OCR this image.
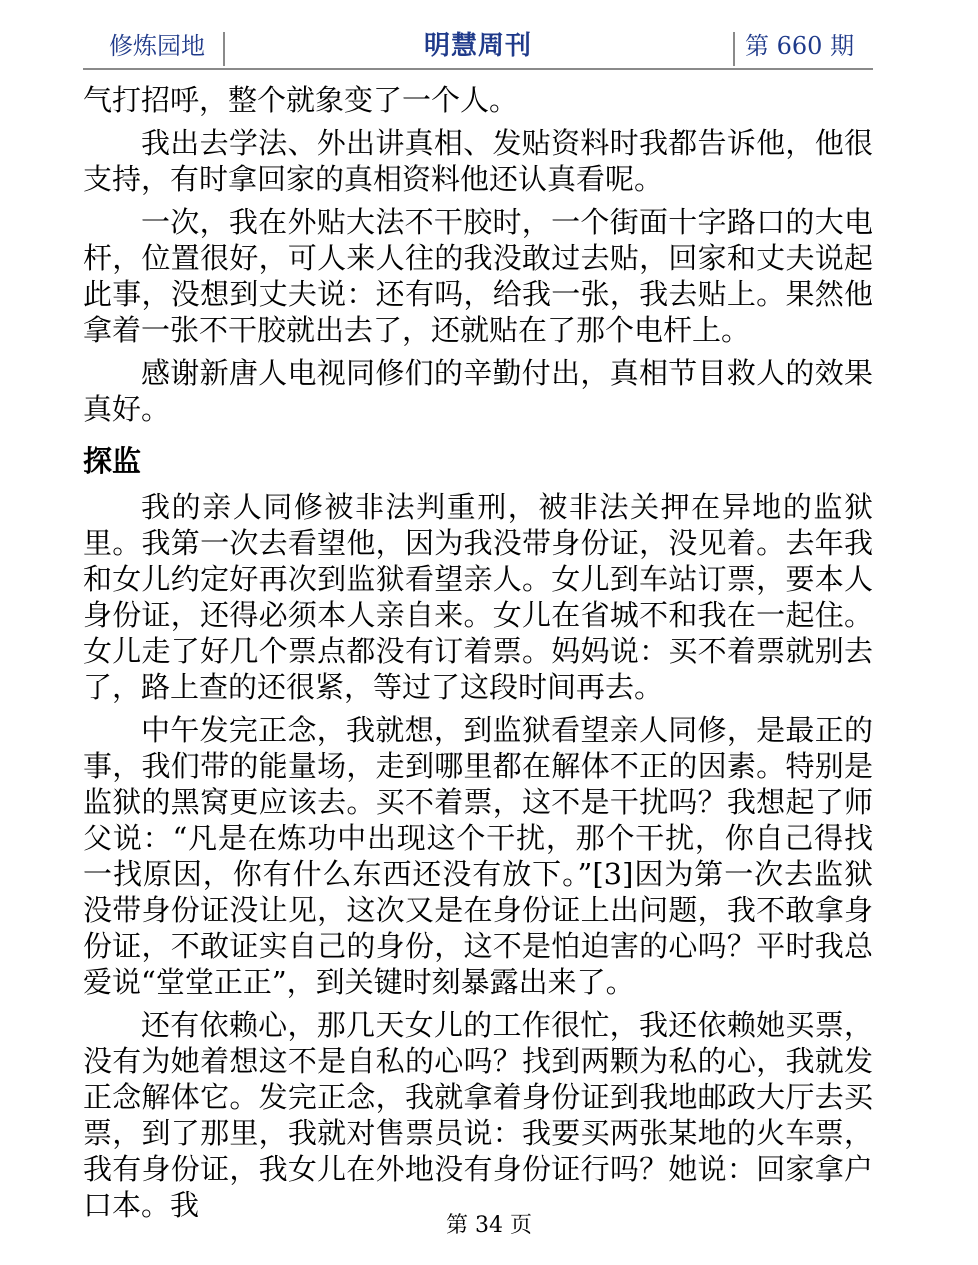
修炼园地	明慧周刊	第 660 期

气打招呼，整个就象变了一个人。

我出去学法、外出讲真相、发贴资料时我都告诉他，他很支持，有时拿回家的真相资料他还认真看呢。

一次，我在外贴大法不干胶时，一个街面十字路口的大电杆，位置很好，可人来人往的我没敢过去贴，回家和丈夫说起此事，没想到丈夫说：还有吗，给我一张，我去贴上。果然他拿着一张不干胶就出去了，还就贴在了那个电杆上。

感谢新唐人电视同修们的辛勤付出，真相节目救人的效果真好。

探监

我的亲人同修被非法判重刑，被非法关押在异地的监狱里。我第一次去看望他，因为我没带身份证，没见着。去年我和女儿约定好再次到监狱看望亲人。女儿到车站订票，要本人身份证，还得必须本人亲自来。女儿在省城不和我在一起住。女儿走了好几个票点都没有订着票。妈妈说：买不着票就别去了，路上查的还很紧，等过了这段时间再去。

中午发完正念，我就想，到监狱看望亲人同修，是最正的事，我们带的能量场，走到哪里都在解体不正的因素。特别是监狱的黑窝更应该去。买不着票，这不是干扰吗？我想起了师父说：“凡是在炼功中出现这个干扰，那个干扰，你自己得找一找原因，你有什么东西还没有放下。”[3]因为第一次去监狱没带身份证没让见，这次又是在身份证上出问题，我不敢拿身份证，不敢证实自己的身份，这不是怕迫害的心吗？平时我总爱说“堂堂正正”，到关键时刻暴露出来了。

还有依赖心，那几天女儿的工作很忙，我还依赖她买票，没有为她着想这不是自私的心吗？找到两颗为私的心，我就发正念解体它。发完正念，我就拿着身份证到我地邮政大厅去买票，到了那里，我就对售票员说：我要买两张某地的火车票，我有身份证，我女儿在外地没有身份证行吗？她说：回家拿户口本。我

第 34 页
